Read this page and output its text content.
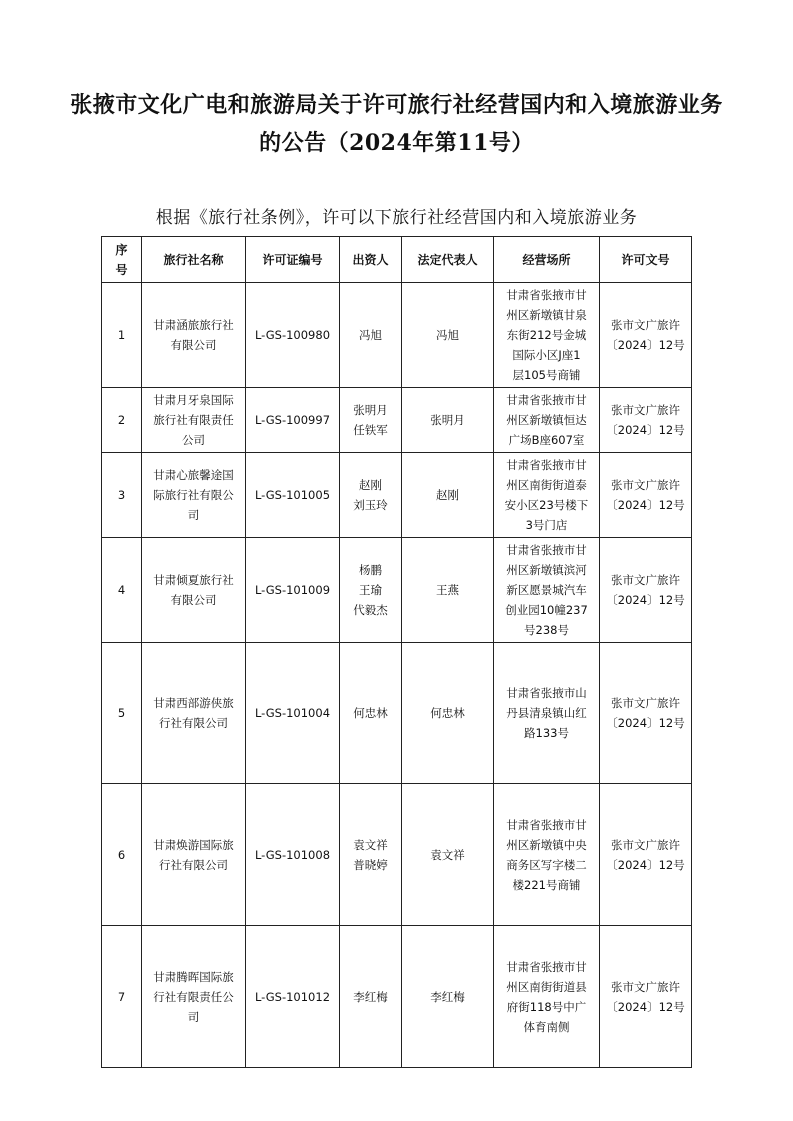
张掖市文化广电和旅游局关于许可旅行社经营国内和入境旅游业务
的公告（2024年第11号）
根据《旅行社条例》，许可以下旅行社经营国内和入境旅游业务
序
号	旅行社名称	许可证编号	出资人	法定代表人	经营场所	许可文号
1	甘肃涵旅旅行社
有限公司	L-GS-100980	冯旭	冯旭	甘肃省张掖市甘
州区新墩镇甘泉
东街212号金城
国际小区J座1
层105号商铺	张市文广旅许
〔2024〕12号

2	甘肃月牙泉国际
旅行社有限责任
公司	L-GS-100997	张明月
任铁军	张明月	甘肃省张掖市甘
州区新墩镇恒达
广场B座607室	张市文广旅许
〔2024〕12号

3	甘肃心旅馨途国
际旅行社有限公
司	L-GS-101005	赵刚
刘玉玲	赵刚	甘肃省张掖市甘
州区南街街道泰
安小区23号楼下
3号门店	张市文广旅许
〔2024〕12号

4	甘肃倾夏旅行社
有限公司	L-GS-101009	杨鹏
王瑜
代毅杰	王燕	甘肃省张掖市甘
州区新墩镇滨河
新区愿景城汽车
创业园10幢237
号238号	张市文广旅许
〔2024〕12号

5	甘肃西部游侠旅
行社有限公司	L-GS-101004	何忠林	何忠林	甘肃省张掖市山
丹县清泉镇山红
路133号	张市文广旅许
〔2024〕12号

6	甘肃焕游国际旅
行社有限公司	L-GS-101008	袁文祥
普晓婷	袁文祥	甘肃省张掖市甘
州区新墩镇中央
商务区写字楼二
楼221号商铺	张市文广旅许
〔2024〕12号

7	甘肃腾晖国际旅
行社有限责任公
司	L-GS-101012	李红梅	李红梅	甘肃省张掖市甘
州区南街街道县
府街118号中广
体育南侧	张市文广旅许
〔2024〕12号
